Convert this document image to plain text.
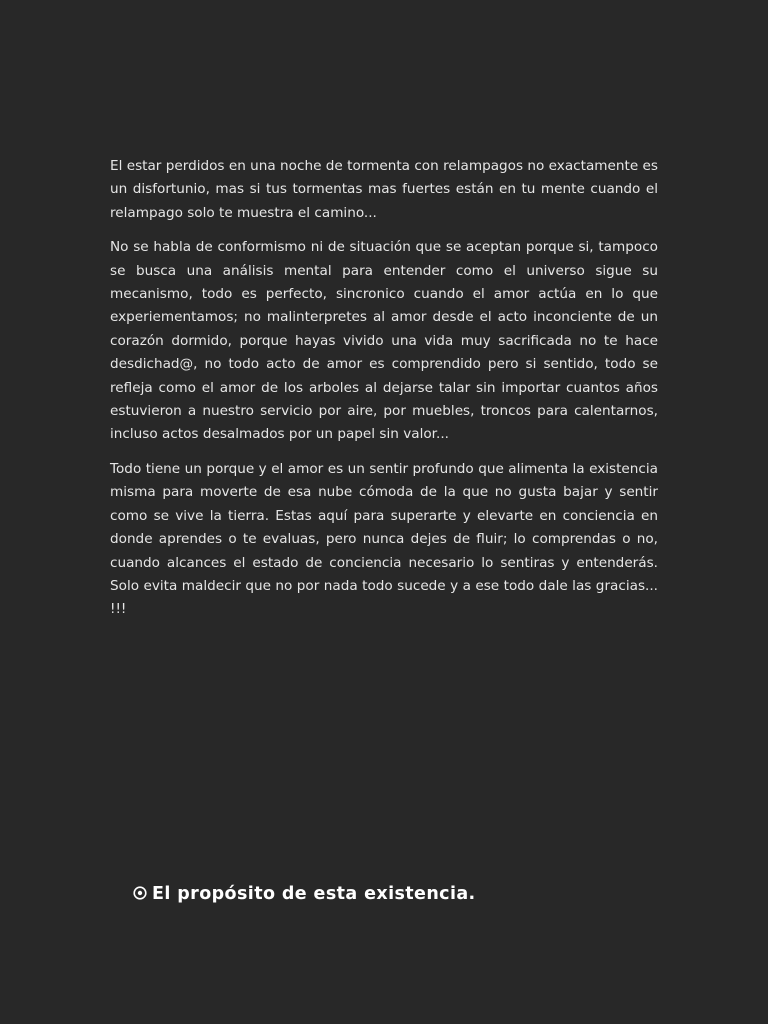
El estar perdidos en una noche de tormenta con relampagos no exactamente es un disfortunio, mas si tus tormentas mas fuertes están en tu mente cuando el relampago solo te muestra el camino...

No se habla de conformismo ni de situación que se aceptan porque si, tampoco se busca una análisis mental para entender como el universo sigue su mecanismo, todo es perfecto, sincronico cuando el amor actúa en lo que experiementamos; no malinterpretes al amor desde el acto inconciente de un corazón dormido, porque hayas vivido una vida muy sacrificada no te hace desdichad@, no todo acto de amor es comprendido pero si sentido, todo se refleja como el amor de los arboles al dejarse talar sin importar cuantos años estuvieron a nuestro servicio por aire, por muebles, troncos para calentarnos, incluso actos desalmados por un papel sin valor...

Todo tiene un porque y el amor es un sentir profundo que alimenta la existencia misma para moverte de esa nube cómoda de la que no gusta bajar y sentir como se vive la tierra. Estas aquí para superarte y elevarte en conciencia en donde aprendes o te evaluas, pero nunca dejes de fluir; lo comprendas o no, cuando alcances el estado de conciencia necesario lo sentiras y entenderás. Solo evita maldecir que no por nada todo sucede y a ese todo dale las gracias... !!!

El propósito de esta existencia.
